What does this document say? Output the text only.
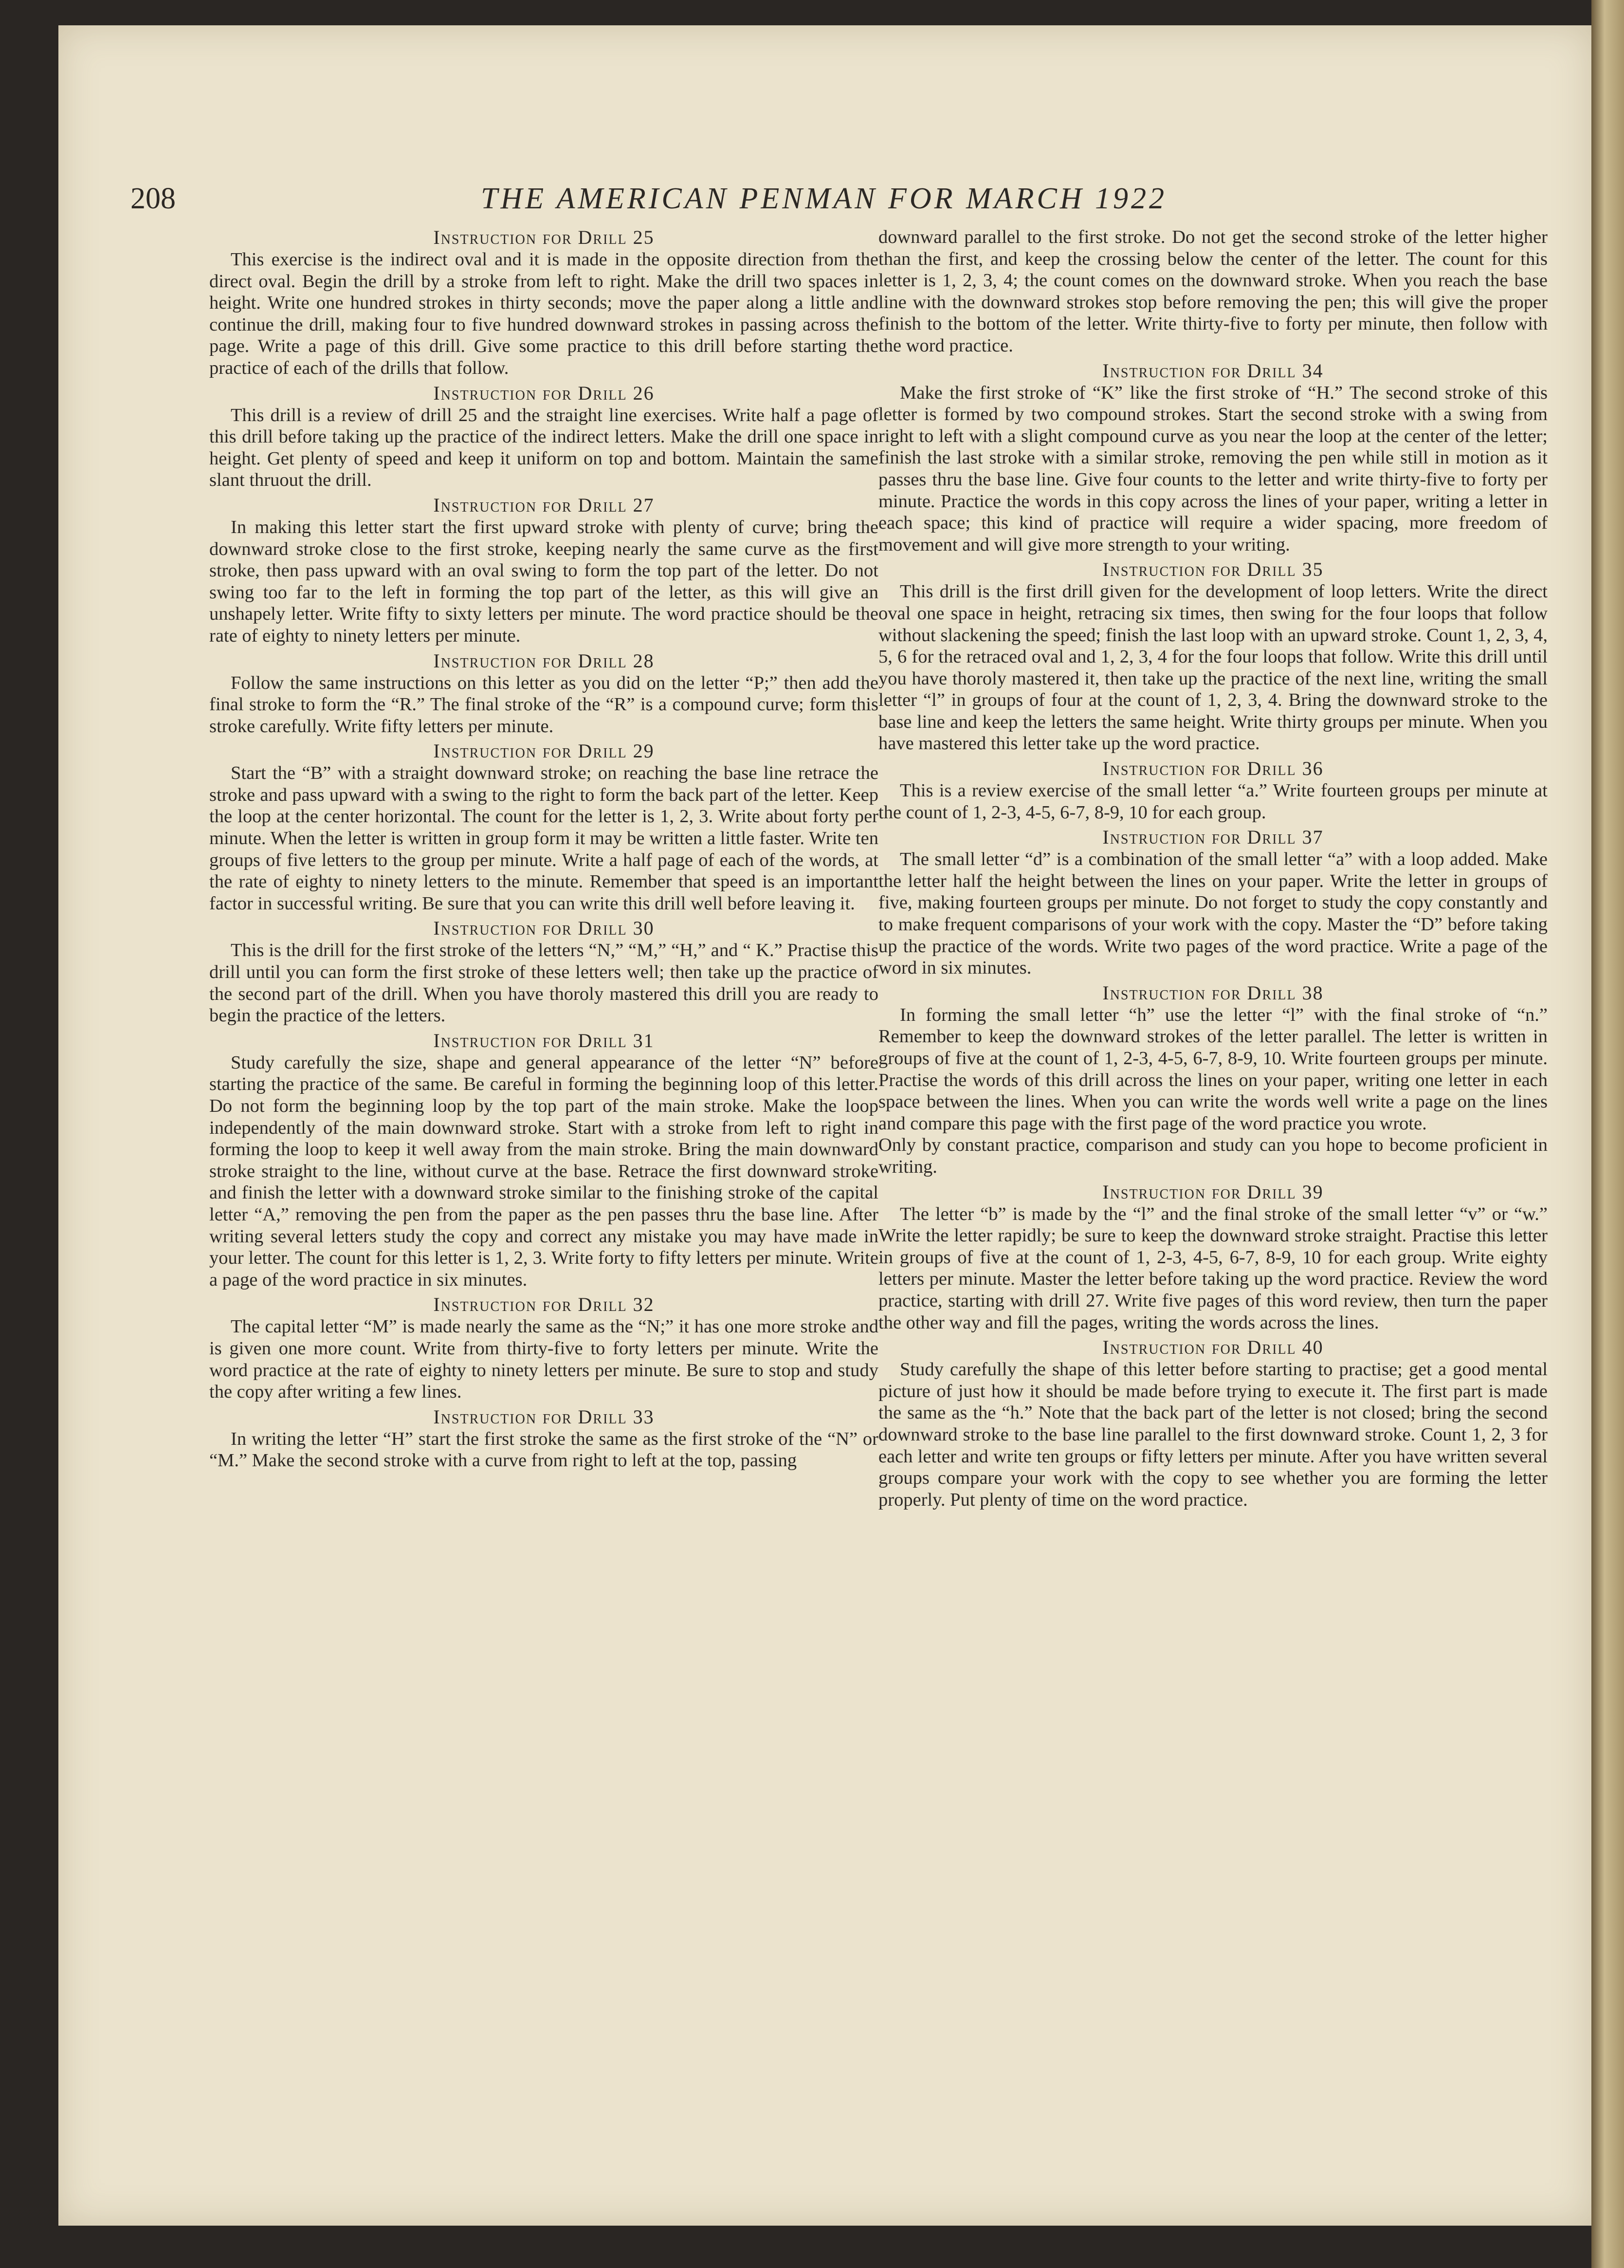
208	THE AMERICAN PENMAN FOR MARCH 1922
Instruction for Drill 25

This exercise is the indirect oval and it is made in the opposite direction from the direct oval. Begin the drill by a stroke from left to right. Make the drill two spaces in height. Write one hundred strokes in thirty seconds; move the paper along a little and continue the drill, making four to five hundred downward strokes in passing across the page. Write a page of this drill. Give some practice to this drill before starting the practice of each of the drills that follow.

Instruction for Drill 26

This drill is a review of drill 25 and the straight line exercises. Write half a page of this drill before taking up the practice of the indirect letters. Make the drill one space in height. Get plenty of speed and keep it uniform on top and bottom. Maintain the same slant thruout the drill.

Instruction for Drill 27

In making this letter start the first upward stroke with plenty of curve; bring the downward stroke close to the first stroke, keeping nearly the same curve as the first stroke, then pass upward with an oval swing to form the top part of the letter. Do not swing too far to the left in forming the top part of the letter, as this will give an unshapely letter. Write fifty to sixty letters per minute. The word practice should be the rate of eighty to ninety letters per minute.

Instruction for Drill 28

Follow the same instructions on this letter as you did on the letter “P;” then add the final stroke to form the “R.” The final stroke of the “R” is a compound curve; form this stroke carefully. Write fifty letters per minute.

Instruction for Drill 29

Start the “B” with a straight downward stroke; on reaching the base line retrace the stroke and pass upward with a swing to the right to form the back part of the letter. Keep the loop at the center horizontal. The count for the letter is 1, 2, 3. Write about forty per minute. When the letter is written in group form it may be written a little faster. Write ten groups of five letters to the group per minute. Write a half page of each of the words, at the rate of eighty to ninety letters to the minute. Remember that speed is an important factor in successful writing. Be sure that you can write this drill well before leaving it.

Instruction for Drill 30

This is the drill for the first stroke of the letters “N,” “M,” “H,” and “ K.” Practise this drill until you can form the first stroke of these letters well; then take up the practice of the second part of the drill. When you have thoroly mastered this drill you are ready to begin the practice of the letters.

Instruction for Drill 31

Study carefully the size, shape and general appearance of the letter “N” before starting the practice of the same. Be careful in forming the beginning loop of this letter. Do not form the beginning loop by the top part of the main stroke. Make the loop independently of the main downward stroke. Start with a stroke from left to right in forming the loop to keep it well away from the main stroke. Bring the main downward stroke straight to the line, without curve at the base. Retrace the first downward stroke and finish the letter with a downward stroke similar to the finishing stroke of the capital letter “A,” removing the pen from the paper as the pen passes thru the base line. After writing several letters study the copy and correct any mistake you may have made in your letter. The count for this letter is 1, 2, 3. Write forty to fifty letters per minute. Write a page of the word practice in six minutes.

Instruction for Drill 32

The capital letter “M” is made nearly the same as the “N;” it has one more stroke and is given one more count. Write from thirty-five to forty letters per minute. Write the word practice at the rate of eighty to ninety letters per minute. Be sure to stop and study the copy after writing a few lines.

Instruction for Drill 33

In writing the letter “H” start the first stroke the same as the first stroke of the “N” or “M.” Make the second stroke with a curve from right to left at the top, passing

downward parallel to the first stroke. Do not get the second stroke of the letter higher than the first, and keep the crossing below the center of the letter. The count for this letter is 1, 2, 3, 4; the count comes on the downward stroke. When you reach the base line with the downward strokes stop before removing the pen; this will give the proper finish to the bottom of the letter. Write thirty-five to forty per minute, then follow with the word practice.

Instruction for Drill 34

Make the first stroke of “K” like the first stroke of “H.” The second stroke of this letter is formed by two compound strokes. Start the second stroke with a swing from right to left with a slight compound curve as you near the loop at the center of the letter; finish the last stroke with a similar stroke, removing the pen while still in motion as it passes thru the base line. Give four counts to the letter and write thirty-five to forty per minute. Practice the words in this copy across the lines of your paper, writing a letter in each space; this kind of practice will require a wider spacing, more freedom of movement and will give more strength to your writing.

Instruction for Drill 35

This drill is the first drill given for the development of loop letters. Write the direct oval one space in height, retracing six times, then swing for the four loops that follow without slackening the speed; finish the last loop with an upward stroke. Count 1, 2, 3, 4, 5, 6 for the retraced oval and 1, 2, 3, 4 for the four loops that follow. Write this drill until you have thoroly mastered it, then take up the practice of the next line, writing the small letter “l” in groups of four at the count of 1, 2, 3, 4. Bring the downward stroke to the base line and keep the letters the same height. Write thirty groups per minute. When you have mastered this letter take up the word practice.

Instruction for Drill 36

This is a review exercise of the small letter “a.” Write fourteen groups per minute at the count of 1, 2-3, 4-5, 6-7, 8-9, 10 for each group.

Instruction for Drill 37

The small letter “d” is a combination of the small letter “a” with a loop added. Make the letter half the height between the lines on your paper. Write the letter in groups of five, making fourteen groups per minute. Do not forget to study the copy constantly and to make frequent comparisons of your work with the copy. Master the “D” before taking up the practice of the words. Write two pages of the word practice. Write a page of the word in six minutes.

Instruction for Drill 38

In forming the small letter “h” use the letter “l” with the final stroke of “n.” Remember to keep the downward strokes of the letter parallel. The letter is written in groups of five at the count of 1, 2-3, 4-5, 6-7, 8-9, 10. Write fourteen groups per minute. Practise the words of this drill across the lines on your paper, writing one letter in each space between the lines. When you can write the words well write a page on the lines and compare this page with the first page of the word practice you wrote.
Only by constant practice, comparison and study can you hope to become proficient in writing.

Instruction for Drill 39

The letter “b” is made by the “l” and the final stroke of the small letter “v” or “w.” Write the letter rapidly; be sure to keep the downward stroke straight. Practise this letter in groups of five at the count of 1, 2-3, 4-5, 6-7, 8-9, 10 for each group. Write eighty letters per minute. Master the letter before taking up the word practice. Review the word practice, starting with drill 27. Write five pages of this word review, then turn the paper the other way and fill the pages, writing the words across the lines.

Instruction for Drill 40

Study carefully the shape of this letter before starting to practise; get a good mental picture of just how it should be made before trying to execute it. The first part is made the same as the “h.” Note that the back part of the letter is not closed; bring the second downward stroke to the base line parallel to the first downward stroke. Count 1, 2, 3 for each letter and write ten groups or fifty letters per minute. After you have written several groups compare your work with the copy to see whether you are forming the letter properly. Put plenty of time on the word practice.
